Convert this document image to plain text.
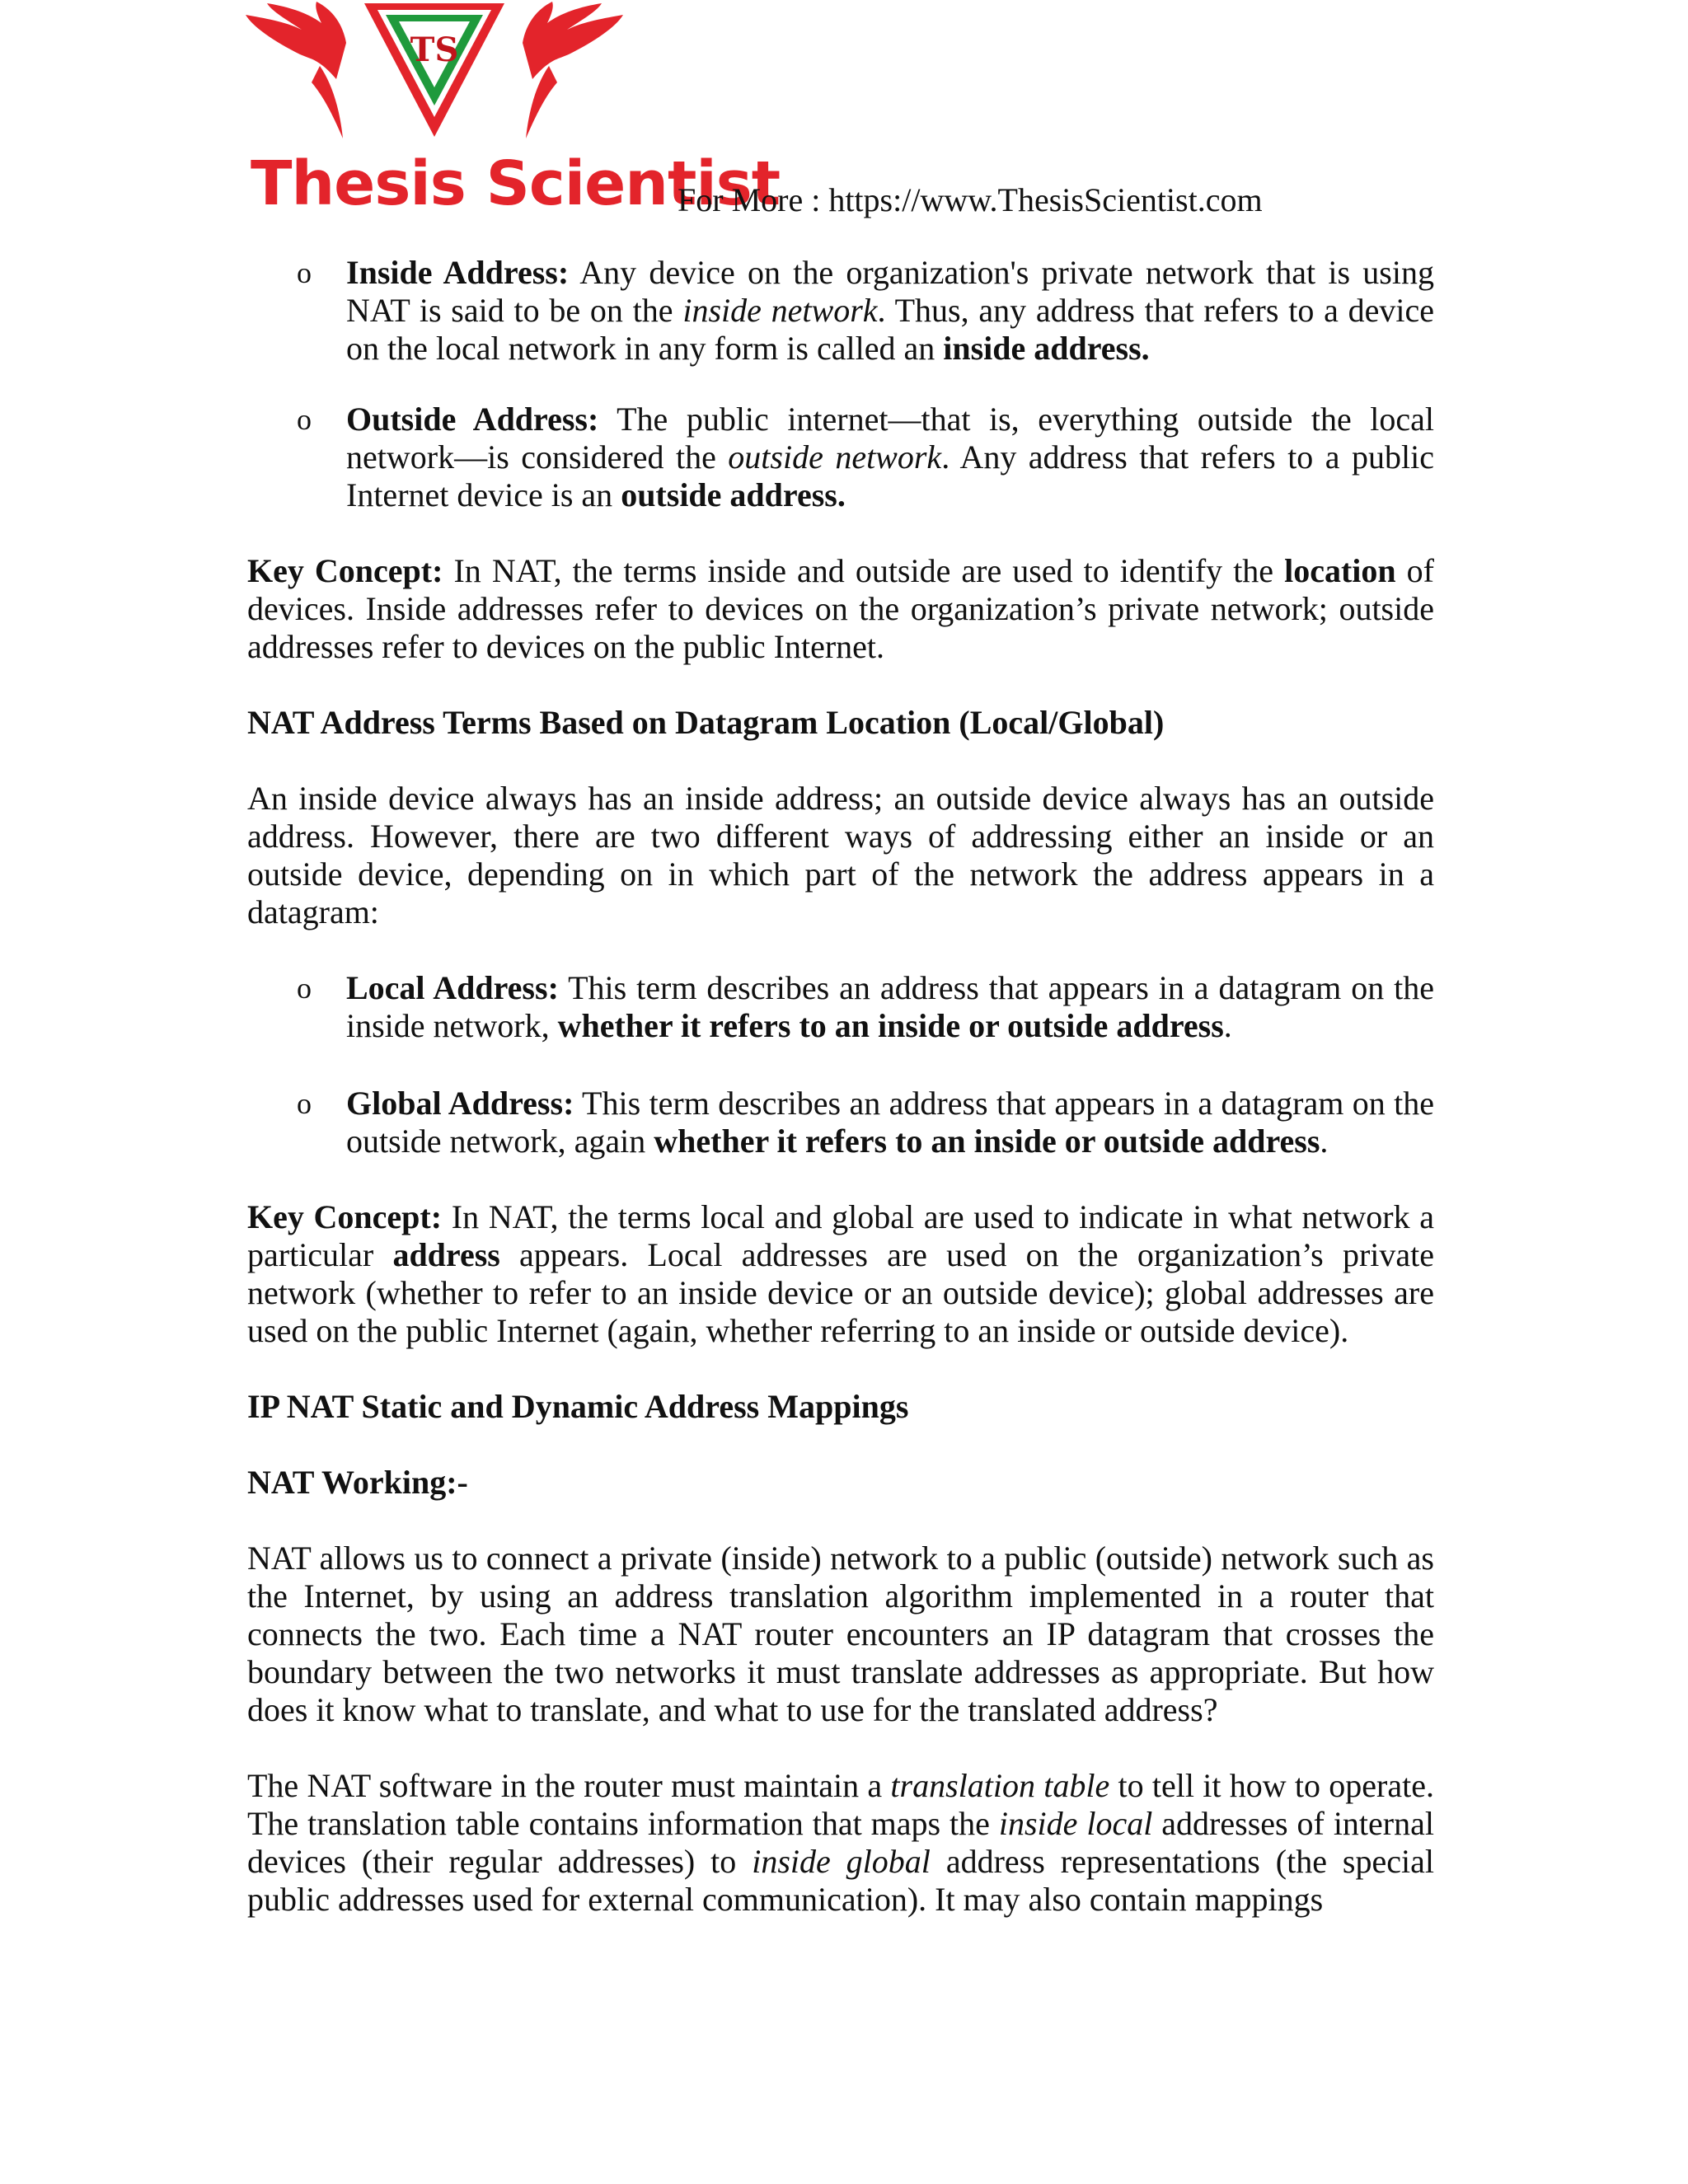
TS

Thesis Scientist

For More : https://www.ThesisScientist.com

o Inside Address: Any device on the organization's private network that is using NAT is said to be on the inside network. Thus, any address that refers to a device on the local network in any form is called an inside address.

o Outside Address: The public internet—that is, everything outside the local network—is considered the outside network. Any address that refers to a public Internet device is an outside address.

Key Concept: In NAT, the terms inside and outside are used to identify the location of devices. Inside addresses refer to devices on the organization’s private network; outside addresses refer to devices on the public Internet.

NAT Address Terms Based on Datagram Location (Local/Global)

An inside device always has an inside address; an outside device always has an outside address. However, there are two different ways of addressing either an inside or an outside device, depending on in which part of the network the address appears in a datagram:

o Local Address: This term describes an address that appears in a datagram on the inside network, whether it refers to an inside or outside address.

o Global Address: This term describes an address that appears in a datagram on the outside network, again whether it refers to an inside or outside address.

Key Concept: In NAT, the terms local and global are used to indicate in what network a particular address appears. Local addresses are used on the organization’s private network (whether to refer to an inside device or an outside device); global addresses are used on the public Internet (again, whether referring to an inside or outside device).

IP NAT Static and Dynamic Address Mappings

NAT Working:-

NAT allows us to connect a private (inside) network to a public (outside) network such as the Internet, by using an address translation algorithm implemented in a router that connects the two. Each time a NAT router encounters an IP datagram that crosses the boundary between the two networks it must translate addresses as appropriate. But how does it know what to translate, and what to use for the translated address?

The NAT software in the router must maintain a translation table to tell it how to operate. The translation table contains information that maps the inside local addresses of internal devices (their regular addresses) to inside global address representations (the special public addresses used for external communication). It may also contain mappings
